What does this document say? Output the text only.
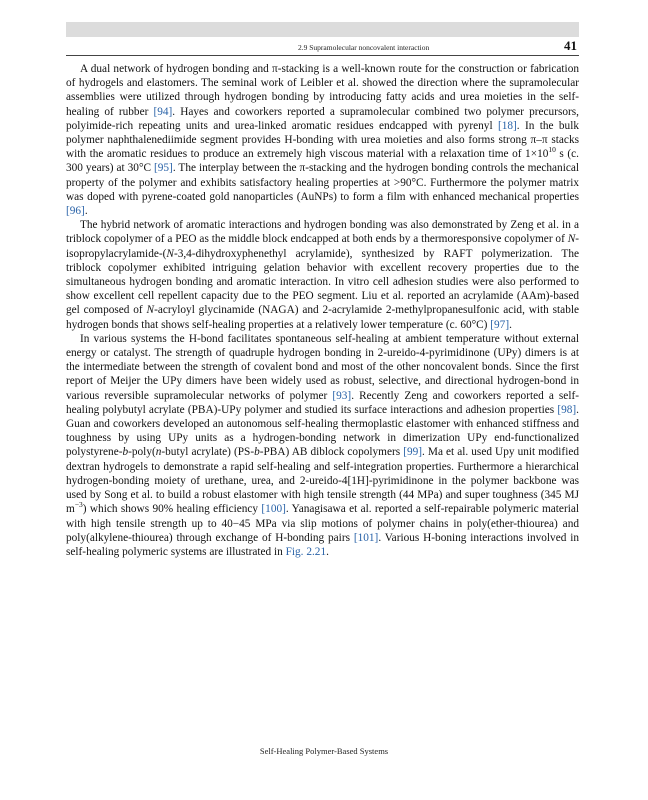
2.9 Supramolecular noncovalent interaction	41

A dual network of hydrogen bonding and π-stacking is a well-known route for the construction or fabrication of hydrogels and elastomers. The seminal work of Leibler et al. showed the direction where the supramolecular assemblies were utilized through hydrogen bonding by introducing fatty acids and urea moieties in the self-healing of rubber [94]. Hayes and coworkers reported a supramolecular combined two polymer precursors, polyimide-rich repeating units and urea-linked aromatic residues endcapped with pyrenyl [18]. In the bulk polymer naphthalenediimide segment provides H-bonding with urea moieties and also forms strong π–π stacks with the aromatic residues to produce an extremely high viscous material with a relaxation time of $1\times 10^{10}$ s (c. 300 years) at 30°C [95]. The interplay between the π-stacking and the hydrogen bonding controls the mechanical property of the polymer and exhibits satisfactory healing properties at >90°C. Furthermore the polymer matrix was doped with pyrene-coated gold nanoparticles (AuNPs) to form a film with enhanced mechanical properties [96].

The hybrid network of aromatic interactions and hydrogen bonding was also demonstrated by Zeng et al. in a triblock copolymer of a PEO as the middle block endcapped at both ends by a thermoresponsive copolymer of N-isopropylacrylamide-(N-3,4-dihydroxyphenethyl acrylamide), synthesized by RAFT polymerization. The triblock copolymer exhibited intriguing gelation behavior with excellent recovery properties due to the simultaneous hydrogen bonding and aromatic interaction. In vitro cell adhesion studies were also performed to show excellent cell repellent capacity due to the PEO segment. Liu et al. reported an acrylamide (AAm)-based gel composed of N-acryloyl glycinamide (NAGA) and 2-acrylamide 2-methylpropanesulfonic acid, with stable hydrogen bonds that shows self-healing properties at a relatively lower temperature (c. 60°C) [97].

In various systems the H-bond facilitates spontaneous self-healing at ambient temperature without external energy or catalyst. The strength of quadruple hydrogen bonding in 2-ureido-4-pyrimidinone (UPy) dimers is at the intermediate between the strength of covalent bond and most of the other noncovalent bonds. Since the first report of Meijer the UPy dimers have been widely used as robust, selective, and directional hydrogen-bond in various reversible supramolecular networks of polymer [93]. Recently Zeng and coworkers reported a self-healing polybutyl acrylate (PBA)-UPy polymer and studied its surface interactions and adhesion properties [98]. Guan and coworkers developed an autonomous self-healing thermoplastic elastomer with enhanced stiffness and toughness by using UPy units as a hydrogen-bonding network in dimerization UPy end-functionalized polystyrene-b-poly(n-butyl acrylate) (PS-b-PBA) AB diblock copolymers [99]. Ma et al. used Upy unit modified dextran hydrogels to demonstrate a rapid self-healing and self-integration properties. Furthermore a hierarchical hydrogen-bonding moiety of urethane, urea, and 2-ureido-4[1H]-pyrimidinone in the polymer backbone was used by Song et al. to build a robust elastomer with high tensile strength (44 MPa) and super toughness (345 MJ $m^{-3}$) which shows 90% healing efficiency [100]. Yanagisawa et al. reported a self-repairable polymeric material with high tensile strength up to 40−45 MPa via slip motions of polymer chains in poly(ether-thiourea) and poly(alkylene-thiourea) through exchange of H-bonding pairs [101]. Various H-boning interactions involved in self-healing polymeric systems are illustrated in Fig. 2.21.

Self-Healing Polymer-Based Systems
